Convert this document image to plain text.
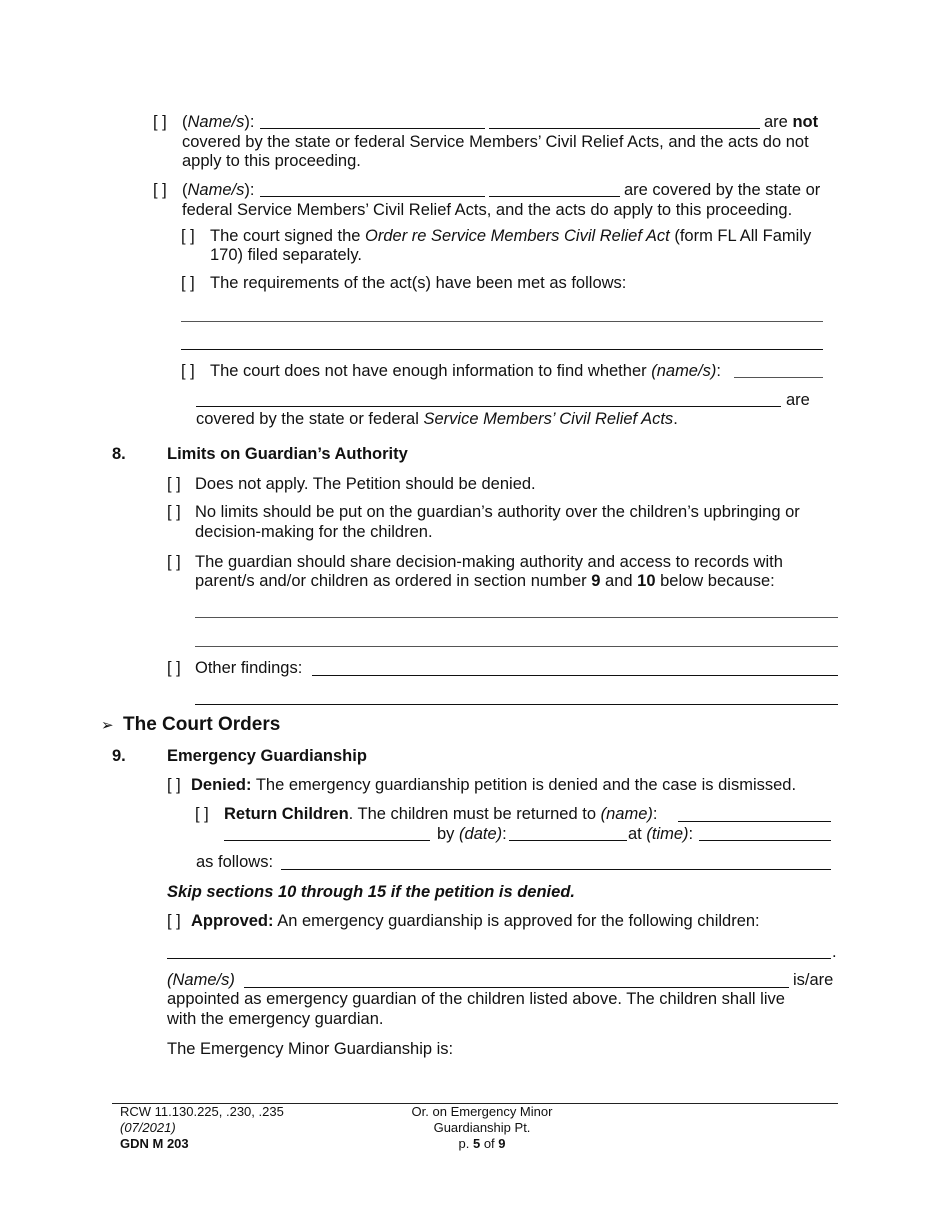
[ ] (Name/s):	are not
covered by the state or federal Service Members’ Civil Relief Acts, and the acts do not
apply to this proceeding.
[ ] (Name/s):	are covered by the state or
federal Service Members’ Civil Relief Acts, and the acts do apply to this proceeding.
[ ] The court signed the Order re Service Members Civil Relief Act (form FL All Family
170) filed separately.
[ ] The requirements of the act(s) have been met as follows:
[ ] The court does not have enough information to find whether (name/s):
are
covered by the state or federal Service Members’ Civil Relief Acts.
8. Limits on Guardian’s Authority
[ ] Does not apply. The Petition should be denied.
[ ] No limits should be put on the guardian’s authority over the children’s upbringing or
decision-making for the children.
[ ] The guardian should share decision-making authority and access to records with
parent/s and/or children as ordered in section number 9 and 10 below because:
[ ] Other findings:
➢ The Court Orders
9. Emergency Guardianship
[ ] Denied: The emergency guardianship petition is denied and the case is dismissed.
[ ] Return Children. The children must be returned to (name):
by (date):	at (time):
as follows:
Skip sections 10 through 15 if the petition is denied.
[ ] Approved: An emergency guardianship is approved for the following children:
.
(Name/s)	is/are
appointed as emergency guardian of the children listed above. The children shall live
with the emergency guardian.
The Emergency Minor Guardianship is:
RCW 11.130.225, .230, .235
(07/2021)
GDN M 203
Or. on Emergency Minor
Guardianship Pt.
p. 5 of 9
